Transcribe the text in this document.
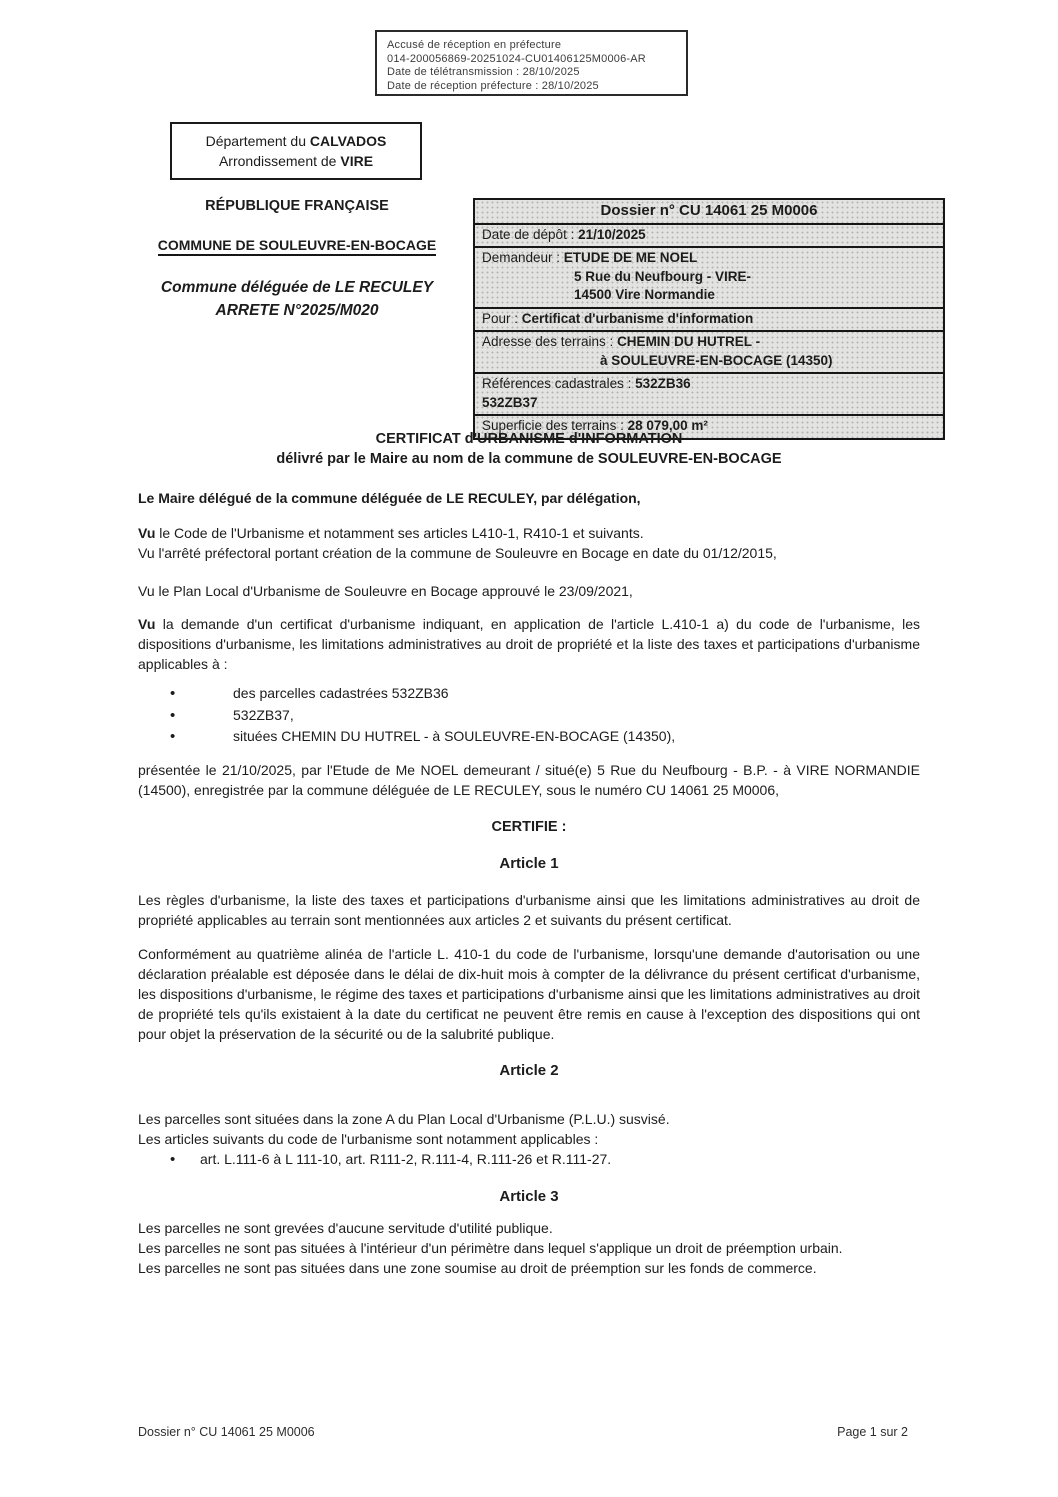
Accusé de réception en préfecture
014-200056869-20251024-CU01406125M0006-AR
Date de télétransmission : 28/10/2025
Date de réception préfecture : 28/10/2025
Département du CALVADOS
Arrondissement de VIRE
RÉPUBLIQUE FRANÇAISE
COMMUNE DE SOULEUVRE-EN-BOCAGE
Commune déléguée de LE RECULEY
ARRETE N°2025/M020
Dossier n° CU 14061 25 M0006
Date de dépôt : 21/10/2025
Demandeur : ETUDE DE ME NOEL
5 Rue du Neufbourg - VIRE-
14500 Vire Normandie
Pour : Certificat d'urbanisme d'information
Adresse des terrains : CHEMIN DU HUTREL -
à SOULEUVRE-EN-BOCAGE (14350)
Références cadastrales : 532ZB36
532ZB37
Superficie des terrains : 28 079,00 m²
CERTIFICAT d'URBANISME d'INFORMATION
délivré par le Maire au nom de la commune de SOULEUVRE-EN-BOCAGE
Le Maire délégué de la commune déléguée de LE RECULEY, par délégation,
Vu le Code de l'Urbanisme et notamment ses articles L410-1, R410-1 et suivants.
Vu l'arrêté préfectoral portant création de la commune de Souleuvre en Bocage en date du 01/12/2015,
Vu le Plan Local d'Urbanisme de Souleuvre en Bocage approuvé le 23/09/2021,
Vu la demande d'un certificat d'urbanisme indiquant, en application de l'article L.410-1 a) du code de l'urbanisme, les dispositions d'urbanisme, les limitations administratives au droit de propriété et la liste des taxes et participations d'urbanisme applicables à :
• des parcelles cadastrées 532ZB36
• 532ZB37,
• situées CHEMIN DU HUTREL - à SOULEUVRE-EN-BOCAGE (14350),
présentée le 21/10/2025, par l'Etude de Me NOEL demeurant / situé(e) 5 Rue du Neufbourg - B.P. - à VIRE NORMANDIE (14500), enregistrée par la commune déléguée de LE RECULEY, sous le numéro CU 14061 25 M0006,
CERTIFIE :
Article 1
Les règles d'urbanisme, la liste des taxes et participations d'urbanisme ainsi que les limitations administratives au droit de propriété applicables au terrain sont mentionnées aux articles 2 et suivants du présent certificat.
Conformément au quatrième alinéa de l'article L. 410-1 du code de l'urbanisme, lorsqu'une demande d'autorisation ou une déclaration préalable est déposée dans le délai de dix-huit mois à compter de la délivrance du présent certificat d'urbanisme, les dispositions d'urbanisme, le régime des taxes et participations d'urbanisme ainsi que les limitations administratives au droit de propriété tels qu'ils existaient à la date du certificat ne peuvent être remis en cause à l'exception des dispositions qui ont pour objet la préservation de la sécurité ou de la salubrité publique.
Article 2
Les parcelles sont situées dans la zone A du Plan Local d'Urbanisme (P.L.U.) susvisé.
Les articles suivants du code de l'urbanisme sont notamment applicables :
• art. L.111-6 à L 111-10, art. R111-2, R.111-4, R.111-26 et R.111-27.
Article 3
Les parcelles ne sont grevées d'aucune servitude d'utilité publique.
Les parcelles ne sont pas situées à l'intérieur d'un périmètre dans lequel s'applique un droit de préemption urbain.
Les parcelles ne sont pas situées dans une zone soumise au droit de préemption sur les fonds de commerce.
Page 1 sur 2
Dossier n° CU 14061 25 M0006
